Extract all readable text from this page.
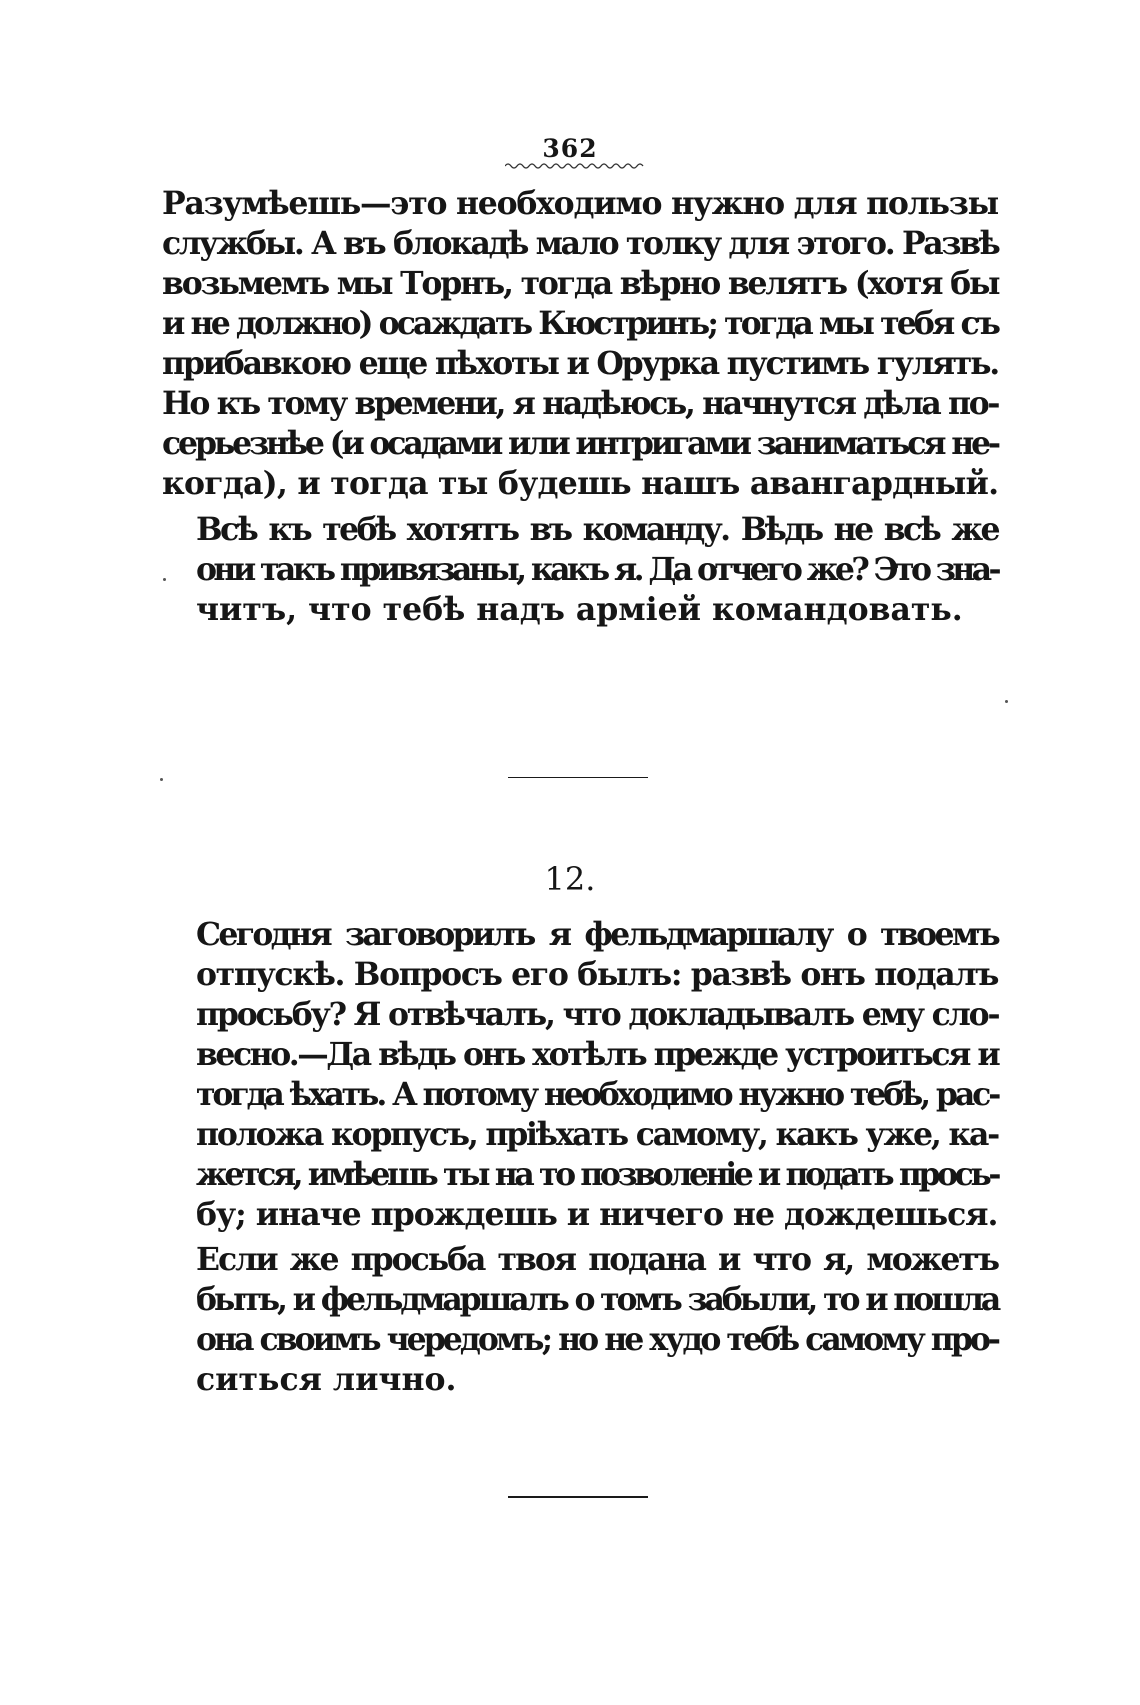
362
Разумѣешь—это необходимо нужно для пользы
службы. А въ блокадѣ мало толку для этого. Развѣ
возьмемъ мы Торнъ, тогда вѣрно велятъ (хотя бы
и не должно) осаждать Кюстринъ; тогда мы тебя съ
прибавкою еще пѣхоты и Орурка пустимъ гулять.
Но къ тому времени, я надѣюсь, начнутся дѣла по-
серьезнѣе (и осадами или интригами заниматься не-
когда), и тогда ты будешь нашъ авангардный.
Всѣ къ тебѣ хотятъ въ команду. Вѣдь не всѣ же
они такъ привязаны, какъ я. Да отчего же? Это зна-
читъ, что тебѣ надъ арміей командовать.
12.
Сегодня заговорилъ я фельдмаршалу о твоемъ
отпускѣ. Вопросъ его былъ: развѣ онъ подалъ
просьбу? Я отвѣчалъ, что докладывалъ ему сло-
весно.—Да вѣдь онъ хотѣлъ прежде устроиться и
тогда ѣхать. А потому необходимо нужно тебѣ, рас-
положа корпусъ, пріѣхать самому, какъ уже, ка-
жется, имѣешь ты на то позволеніе и подать прось-
бу; иначе прождешь и ничего не дождешься.
Если же просьба твоя подана и что я, можетъ
быть, и фельдмаршалъ о томъ забыли, то и пошла
она своимъ чередомъ; но не худо тебѣ самому про-
ситься лично.
